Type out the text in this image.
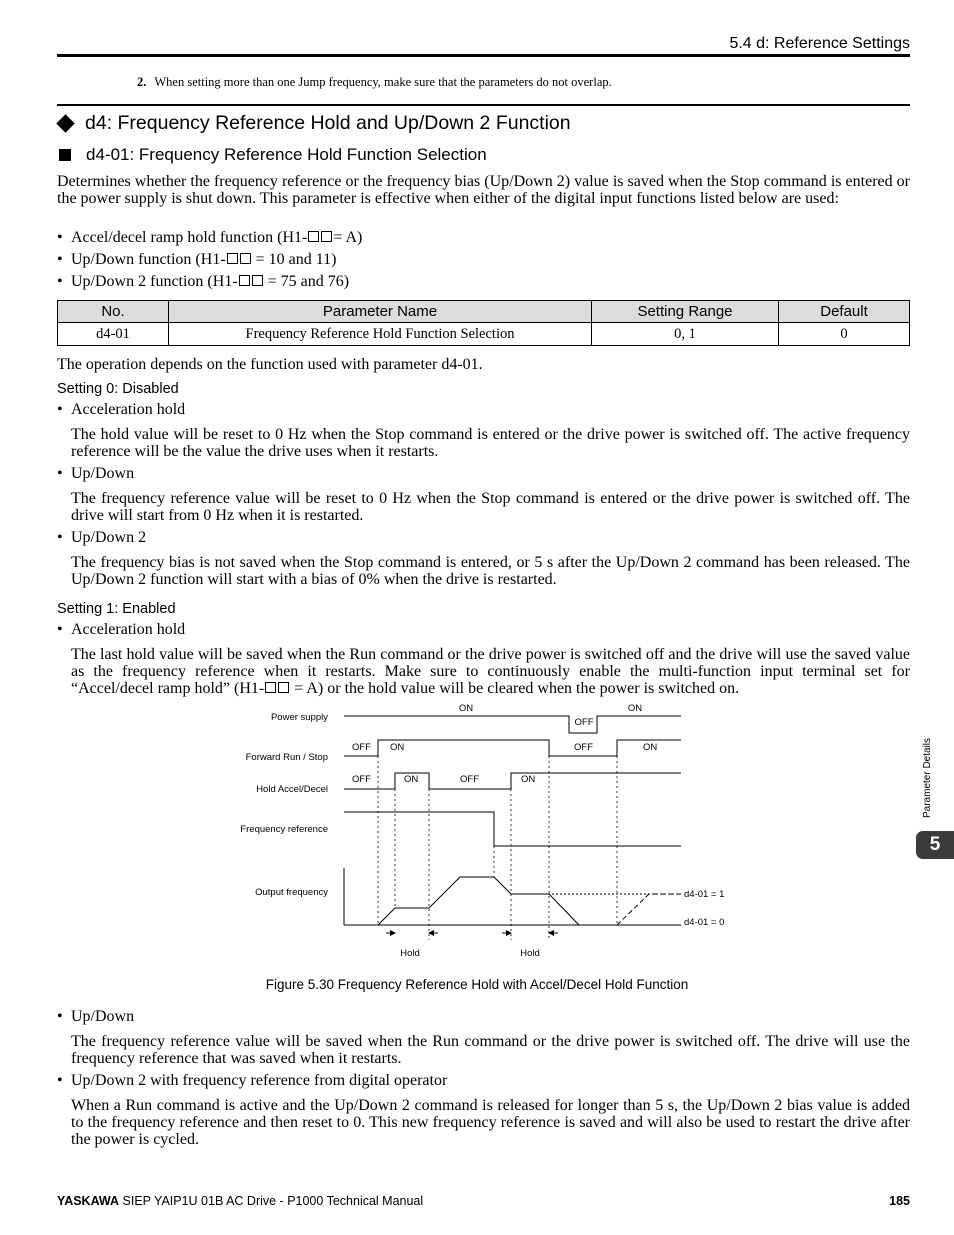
5.4 d: Reference Settings
2. When setting more than one Jump frequency, make sure that the parameters do not overlap.
d4: Frequency Reference Hold and Up/Down 2 Function
d4-01: Frequency Reference Hold Function Selection
Determines whether the frequency reference or the frequency bias (Up/Down 2) value is saved when the Stop command is entered or the power supply is shut down. This parameter is effective when either of the digital input functions listed below are used:
• Accel/decel ramp hold function (H1- = A)
• Up/Down function (H1- = 10 and 11)
• Up/Down 2 function (H1- = 75 and 76)
No.	Parameter Name	Setting Range	Default
d4-01	Frequency Reference Hold Function Selection	0, 1	0
The operation depends on the function used with parameter d4-01.
Setting 0: Disabled
• Acceleration hold
The hold value will be reset to 0 Hz when the Stop command is entered or the drive power is switched off. The active frequency reference will be the value the drive uses when it restarts.
• Up/Down
The frequency reference value will be reset to 0 Hz when the Stop command is entered or the drive power is switched off. The drive will start from 0 Hz when it is restarted.
• Up/Down 2
The frequency bias is not saved when the Stop command is entered, or 5 s after the Up/Down 2 command has been released. The Up/Down 2 function will start with a bias of 0% when the drive is restarted.
Setting 1: Enabled
• Acceleration hold
The last hold value will be saved when the Run command or the drive power is switched off and the drive will use the saved value as the frequency reference when it restarts. Make sure to continuously enable the multi-function input terminal set for “Accel/decel ramp hold” (H1- = A) or the hold value will be cleared when the power is switched on.
Power supply
Forward Run / Stop
Hold Accel/Decel
Frequency reference
Output frequency
ON
OFF
ON
OFF ON	OFF	ON
OFF	ON	OFF	ON
d4-01 = 1
d4-01 = 0
Hold	Hold
Figure 5.30 Frequency Reference Hold with Accel/Decel Hold Function
• Up/Down
The frequency reference value will be saved when the Run command or the drive power is switched off. The drive will use the frequency reference that was saved when it restarts.
• Up/Down 2 with frequency reference from digital operator
When a Run command is active and the Up/Down 2 command is released for longer than 5 s, the Up/Down 2 bias value is added to the frequency reference and then reset to 0. This new frequency reference is saved and will also be used to restart the drive after the power is cycled.
Parameter Details
5
YASKAWA SIEP YAIP1U 01B AC Drive - P1000 Technical Manual	185
